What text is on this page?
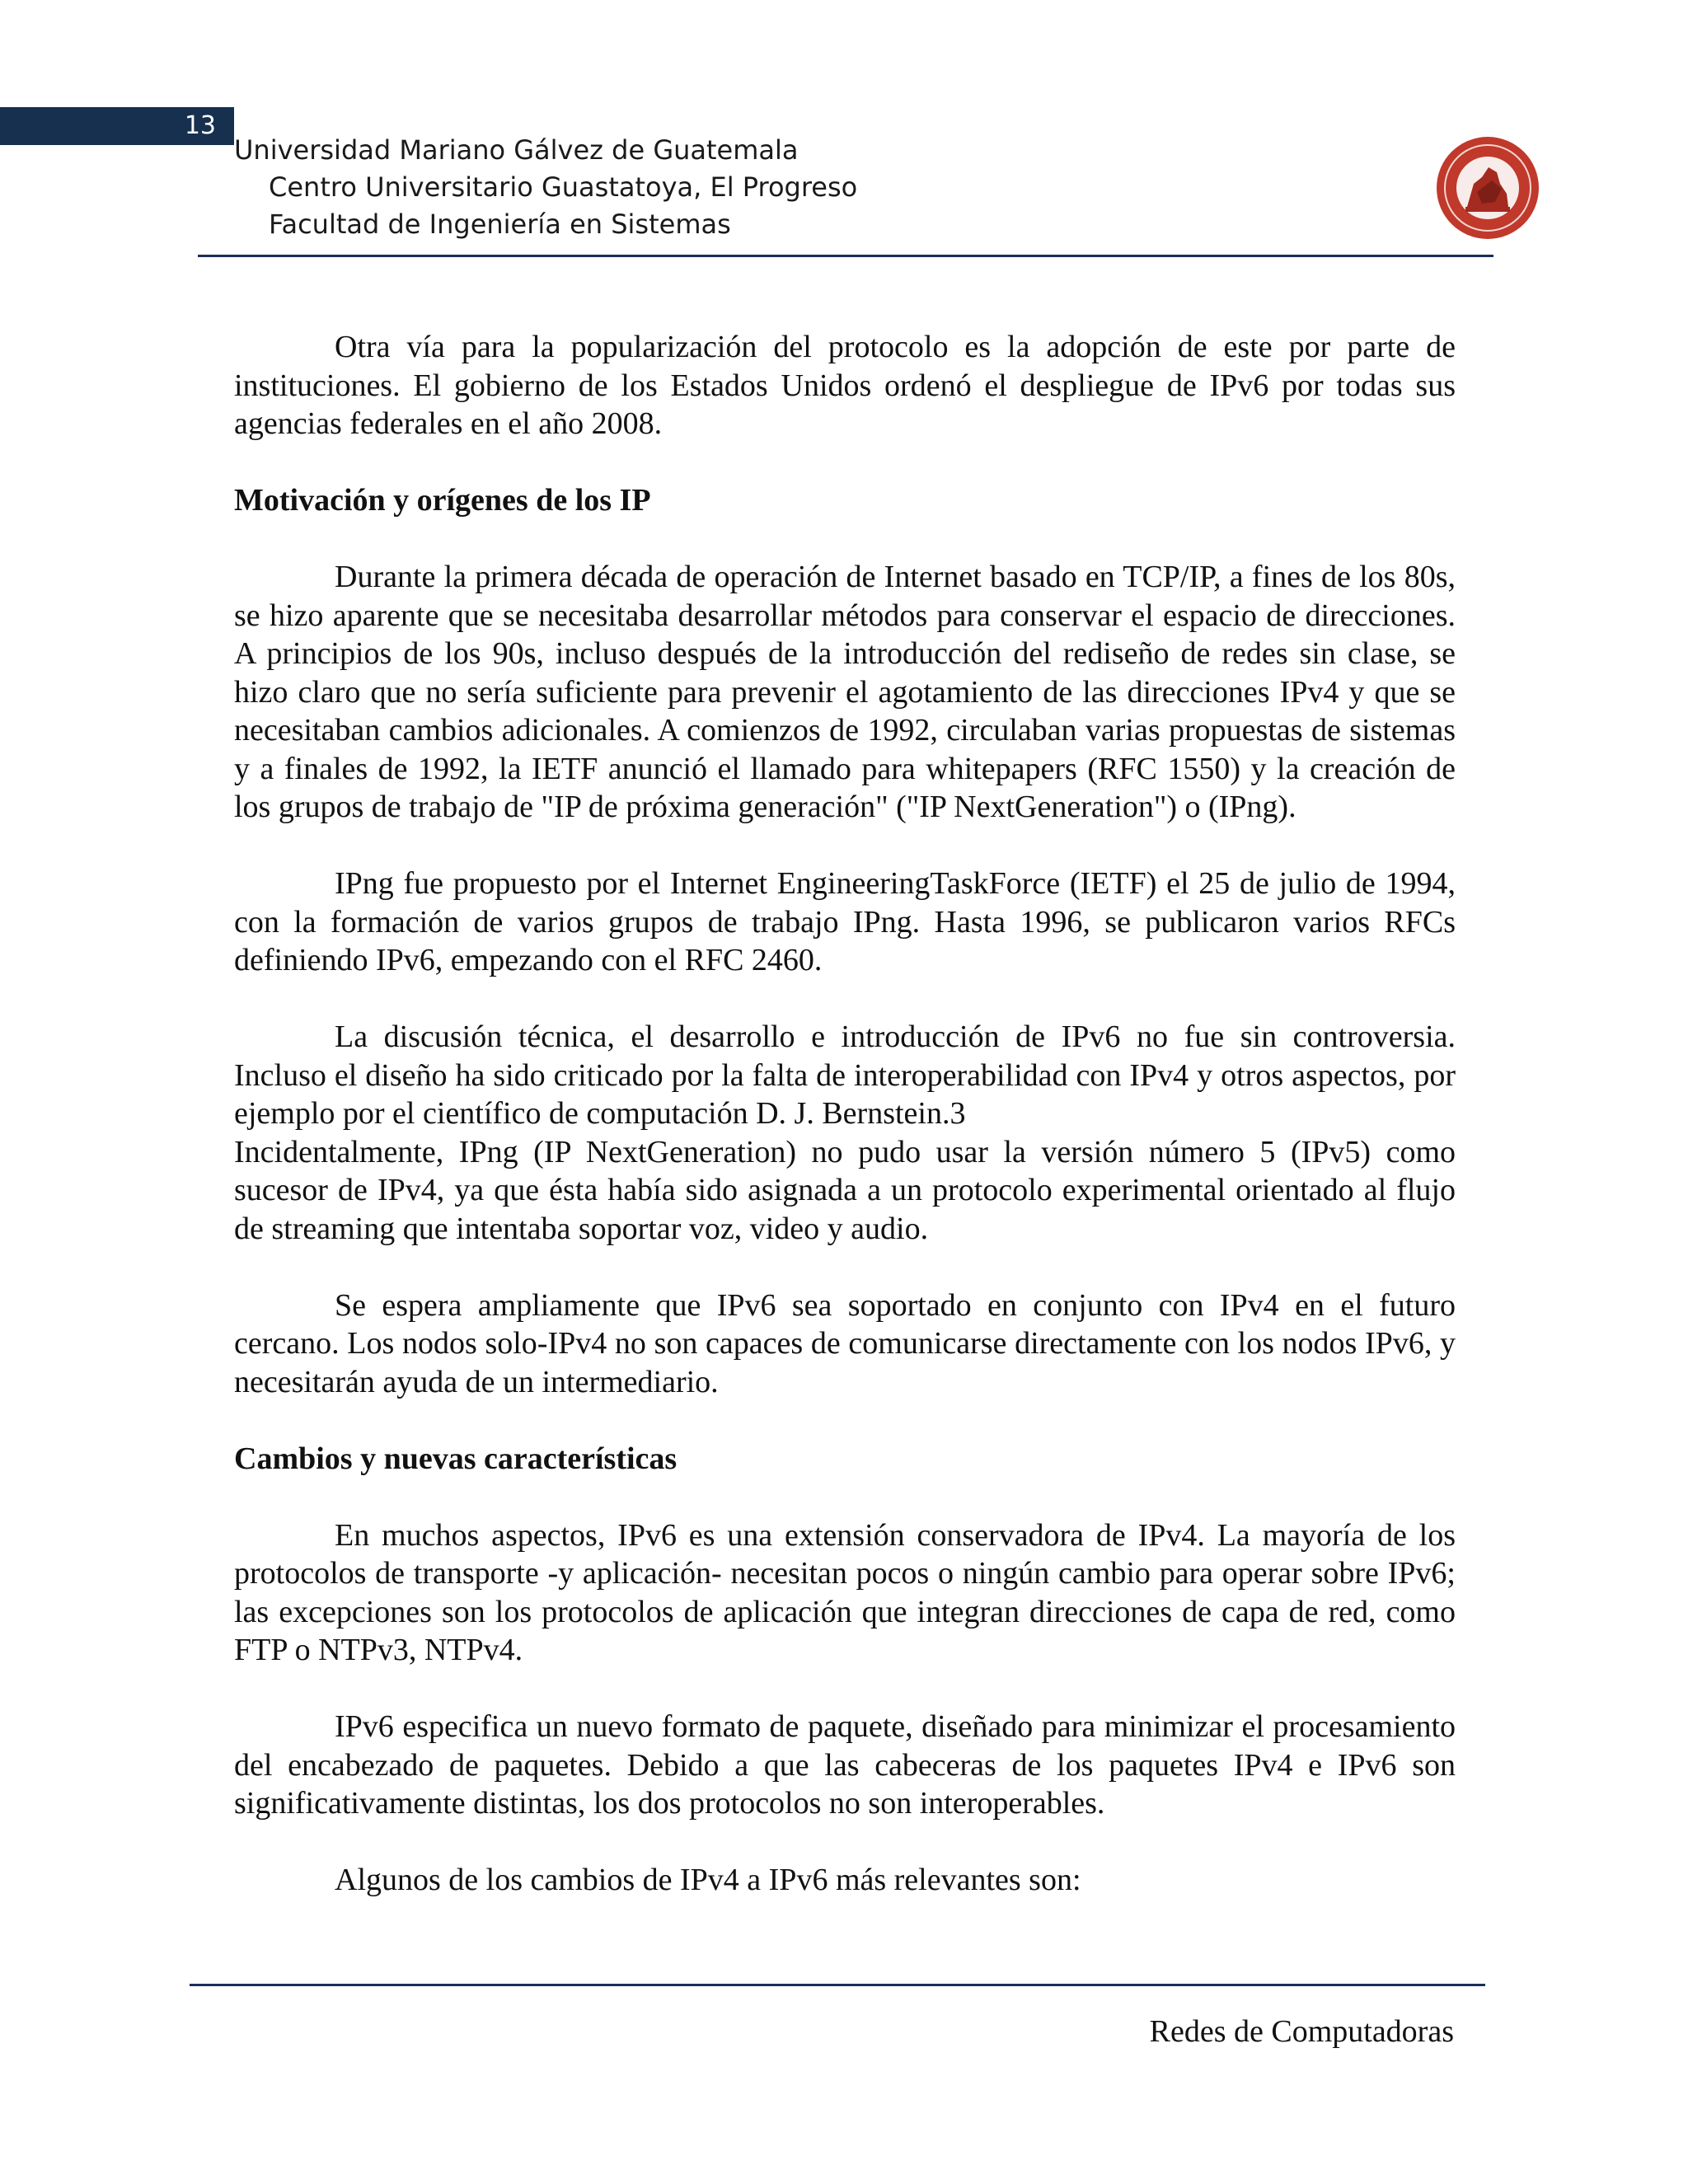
13
Universidad Mariano Gálvez de Guatemala
Centro Universitario Guastatoya, El Progreso
Facultad de Ingeniería en Sistemas

Otra vía para la popularización del protocolo es la adopción de este por parte de instituciones. El gobierno de los Estados Unidos ordenó el despliegue de IPv6 por todas sus agencias federales en el año 2008.

Motivación y orígenes de los IP

Durante la primera década de operación de Internet basado en TCP/IP, a fines de los 80s, se hizo aparente que se necesitaba desarrollar métodos para conservar el espacio de direcciones. A principios de los 90s, incluso después de la introducción del rediseño de redes sin clase, se hizo claro que no sería suficiente para prevenir el agotamiento de las direcciones IPv4 y que se necesitaban cambios adicionales. A comienzos de 1992, circulaban varias propuestas de sistemas y a finales de 1992, la IETF anunció el llamado para whitepapers (RFC 1550) y la creación de los grupos de trabajo de "IP de próxima generación" ("IP NextGeneration") o (IPng).

IPng fue propuesto por el Internet EngineeringTaskForce (IETF) el 25 de julio de 1994, con la formación de varios grupos de trabajo IPng. Hasta 1996, se publicaron varios RFCs definiendo IPv6, empezando con el RFC 2460.

La discusión técnica, el desarrollo e introducción de IPv6 no fue sin controversia. Incluso el diseño ha sido criticado por la falta de interoperabilidad con IPv4 y otros aspectos, por ejemplo por el científico de computación D. J. Bernstein.3

Incidentalmente, IPng (IP NextGeneration) no pudo usar la versión número 5 (IPv5) como sucesor de IPv4, ya que ésta había sido asignada a un protocolo experimental orientado al flujo de streaming que intentaba soportar voz, video y audio.

Se espera ampliamente que IPv6 sea soportado en conjunto con IPv4 en el futuro cercano. Los nodos solo-IPv4 no son capaces de comunicarse directamente con los nodos IPv6, y necesitarán ayuda de un intermediario.

Cambios y nuevas características

En muchos aspectos, IPv6 es una extensión conservadora de IPv4. La mayoría de los protocolos de transporte -y aplicación- necesitan pocos o ningún cambio para operar sobre IPv6; las excepciones son los protocolos de aplicación que integran direcciones de capa de red, como FTP o NTPv3, NTPv4.

IPv6 especifica un nuevo formato de paquete, diseñado para minimizar el procesamiento del encabezado de paquetes. Debido a que las cabeceras de los paquetes IPv4 e IPv6 son significativamente distintas, los dos protocolos no son interoperables.

Algunos de los cambios de IPv4 a IPv6 más relevantes son:

Redes de Computadoras
